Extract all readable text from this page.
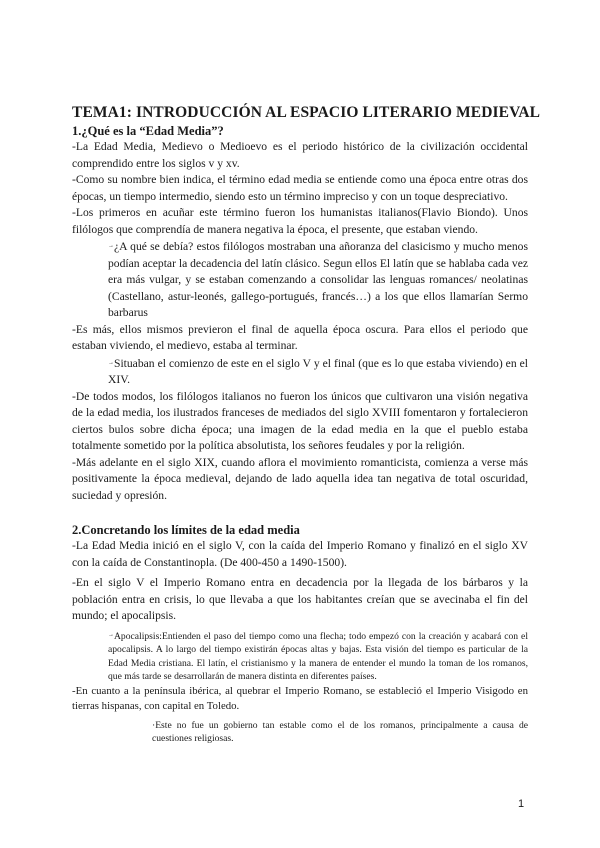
TEMA1: INTRODUCCIÓN AL ESPACIO LITERARIO MEDIEVAL
1.¿Qué es la “Edad Media”?

-La Edad Media, Medievo o Medioevo es el periodo histórico de la civilización occidental comprendido entre los siglos v y xv.

-Como su nombre bien indica, el término edad media se entiende como una época entre otras dos épocas, un tiempo intermedio, siendo esto un término impreciso y con un toque despreciativo.

-Los primeros en acuñar este término fueron los humanistas italianos(Flavio Biondo). Unos filólogos que comprendía de manera negativa la época, el presente, que estaban viendo.

→¿A qué se debía? estos filólogos mostraban una añoranza del clasicismo y mucho menos podían aceptar la decadencia del latín clásico. Segun ellos El latín que se hablaba cada vez era más vulgar, y se estaban comenzando a consolidar las lenguas romances/ neolatinas (Castellano, astur-leonés, gallego-portugués, francés…) a los que ellos llamarían Sermo barbarus

-Es más, ellos mismos previeron el final de aquella época oscura. Para ellos el periodo que estaban viviendo, el medievo, estaba al terminar.

→Situaban el comienzo de este en el siglo V y el final (que es lo que estaba viviendo) en el XIV.

-De todos modos, los filólogos italianos no fueron los únicos que cultivaron una visión negativa de la edad media, los ilustrados franceses de mediados del siglo XVIII fomentaron y fortalecieron ciertos bulos sobre dicha época; una imagen de la edad media en la que el pueblo estaba totalmente sometido por la política absolutista, los señores feudales y por la religión.

-Más adelante en el siglo XIX, cuando aflora el movimiento romanticista, comienza a verse más positivamente la época medieval, dejando de lado aquella idea tan negativa de total oscuridad, suciedad y opresión.

2.Concretando los límites de la edad media

-La Edad Media inició en el siglo V, con la caída del Imperio Romano y finalizó en el siglo XV con la caída de Constantinopla. (De 400-450 a 1490-1500).

-En el siglo V el Imperio Romano entra en decadencia por la llegada de los bárbaros y la población entra en crisis, lo que llevaba a que los habitantes creían que se avecinaba el fin del mundo; el apocalipsis.

→Apocalipsis:Entienden el paso del tiempo como una flecha; todo empezó con la creación y acabará con el apocalipsis. A lo largo del tiempo existirán épocas altas y bajas. Esta visión del tiempo es particular de la Edad Media cristiana. El latín, el cristianismo y la manera de entender el mundo la toman de los romanos, que más tarde se desarrollarán de manera distinta en diferentes países.

-En cuanto a la península ibérica, al quebrar el Imperio Romano, se estableció el Imperio Visigodo en tierras hispanas, con capital en Toledo.

·Este no fue un gobierno tan estable como el de los romanos, principalmente a causa de cuestiones religiosas.

1
